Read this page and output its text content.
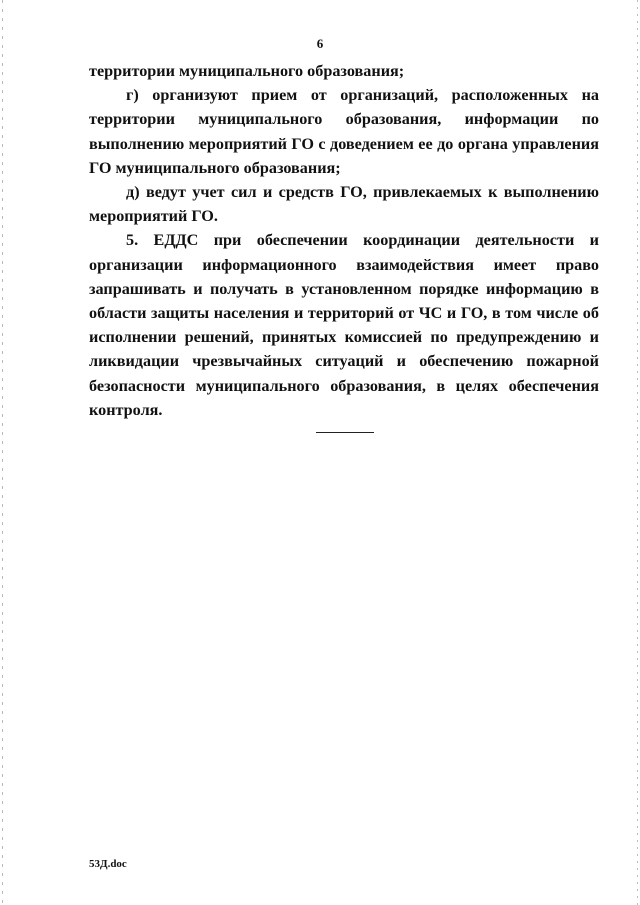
6

территории муниципального образования;

г) организуют прием от организаций, расположенных на территории муниципального образования, информации по выполнению мероприятий ГО с доведением ее до органа управления ГО муниципального образования;

д) ведут учет сил и средств ГО, привлекаемых к выполнению мероприятий ГО.

5. ЕДДС при обеспечении координации деятельности и организации информационного взаимодействия имеет право запрашивать и получать в установленном порядке информацию в области защиты населения и территорий от ЧС и ГО, в том числе об исполнении решений, принятых комиссией по предупреждению и ликвидации чрезвычайных ситуаций и обеспечению пожарной безопасности муниципального образования, в целях обеспечения контроля.

53Д.doc
